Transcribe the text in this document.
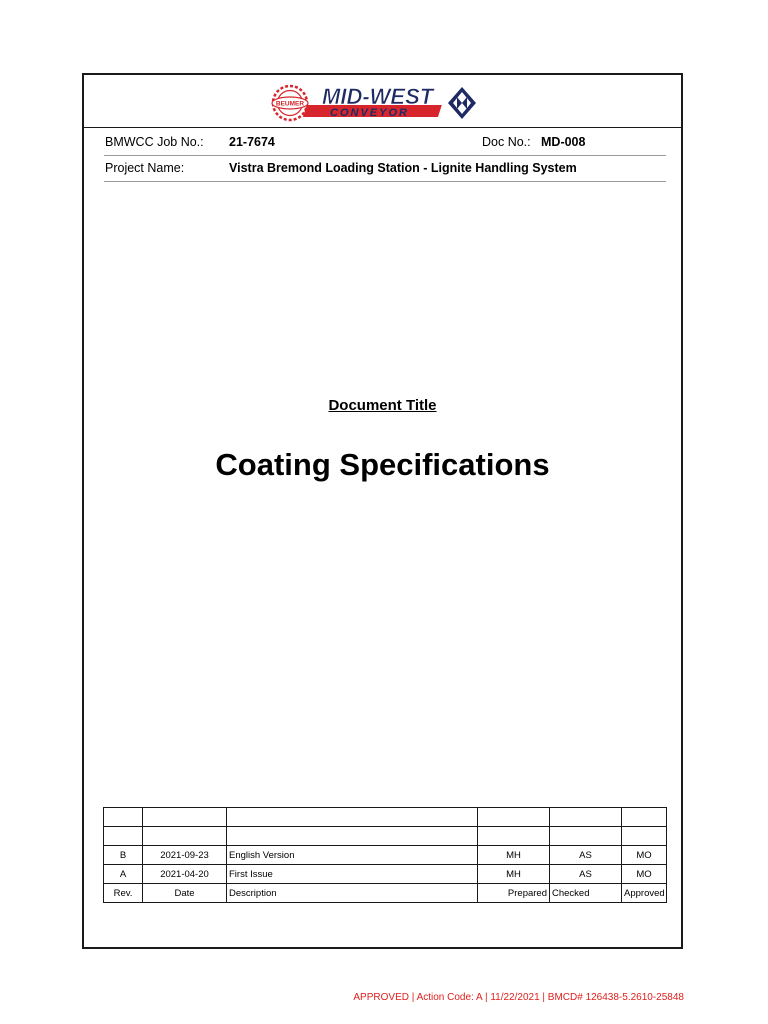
BEUMER MID-WEST
CONVEYOR
BMWCC Job No.: 21-7674	Doc No.: MD-008
Project Name:	Vistra Bremond Loading Station - Lignite Handling System
Document Title
Coating Specifications

B	2021-09-23	English Version	MH	AS	MO
A	2021-04-20	First Issue	MH	AS	MO
Rev.	Date	Description	Prepared	Checked	Approved
APPROVED | Action Code: A | 11/22/2021 | BMCD# 126438-5.2610-25848
